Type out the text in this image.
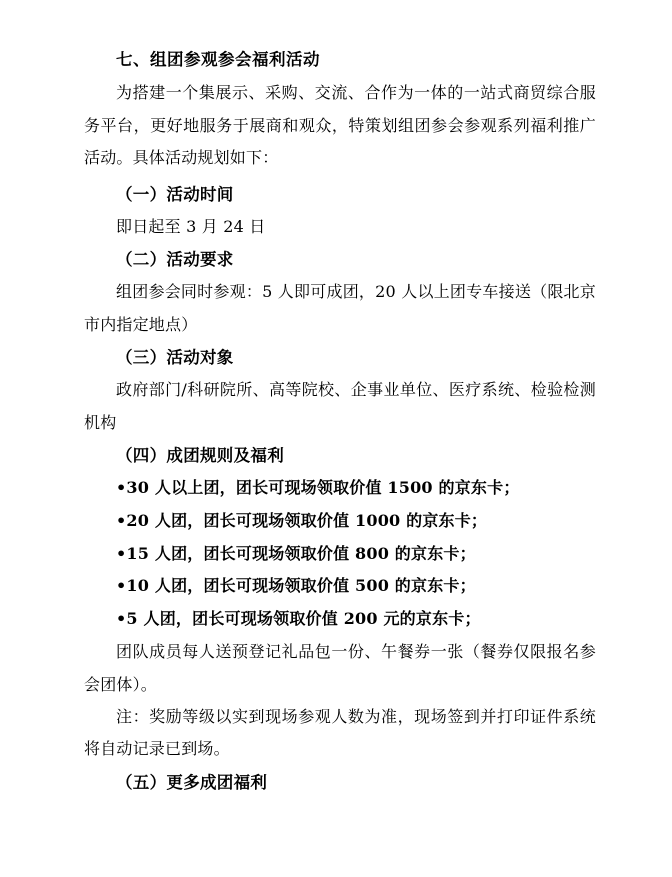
七、组团参观参会福利活动

为搭建一个集展示、采购、交流、合作为一体的一站式商贸综合服务平台，更好地服务于展商和观众，特策划组团参会参观系列福利推广活动。具体活动规划如下：

（一）活动时间

即日起至 3 月 24 日

（二）活动要求

组团参会同时参观：5 人即可成团，20 人以上团专车接送（限北京市内指定地点）

（三）活动对象

政府部门/科研院所、高等院校、企事业单位、医疗系统、检验检测机构

（四）成团规则及福利

•30 人以上团，团长可现场领取价值 1500 的京东卡；

•20 人团，团长可现场领取价值 1000 的京东卡；

•15 人团，团长可现场领取价值 800 的京东卡；

•10 人团，团长可现场领取价值 500 的京东卡；

•5 人团，团长可现场领取价值 200 元的京东卡；

团队成员每人送预登记礼品包一份、午餐券一张（餐券仅限报名参会团体）。

注：奖励等级以实到现场参观人数为准，现场签到并打印证件系统将自动记录已到场。

（五）更多成团福利
